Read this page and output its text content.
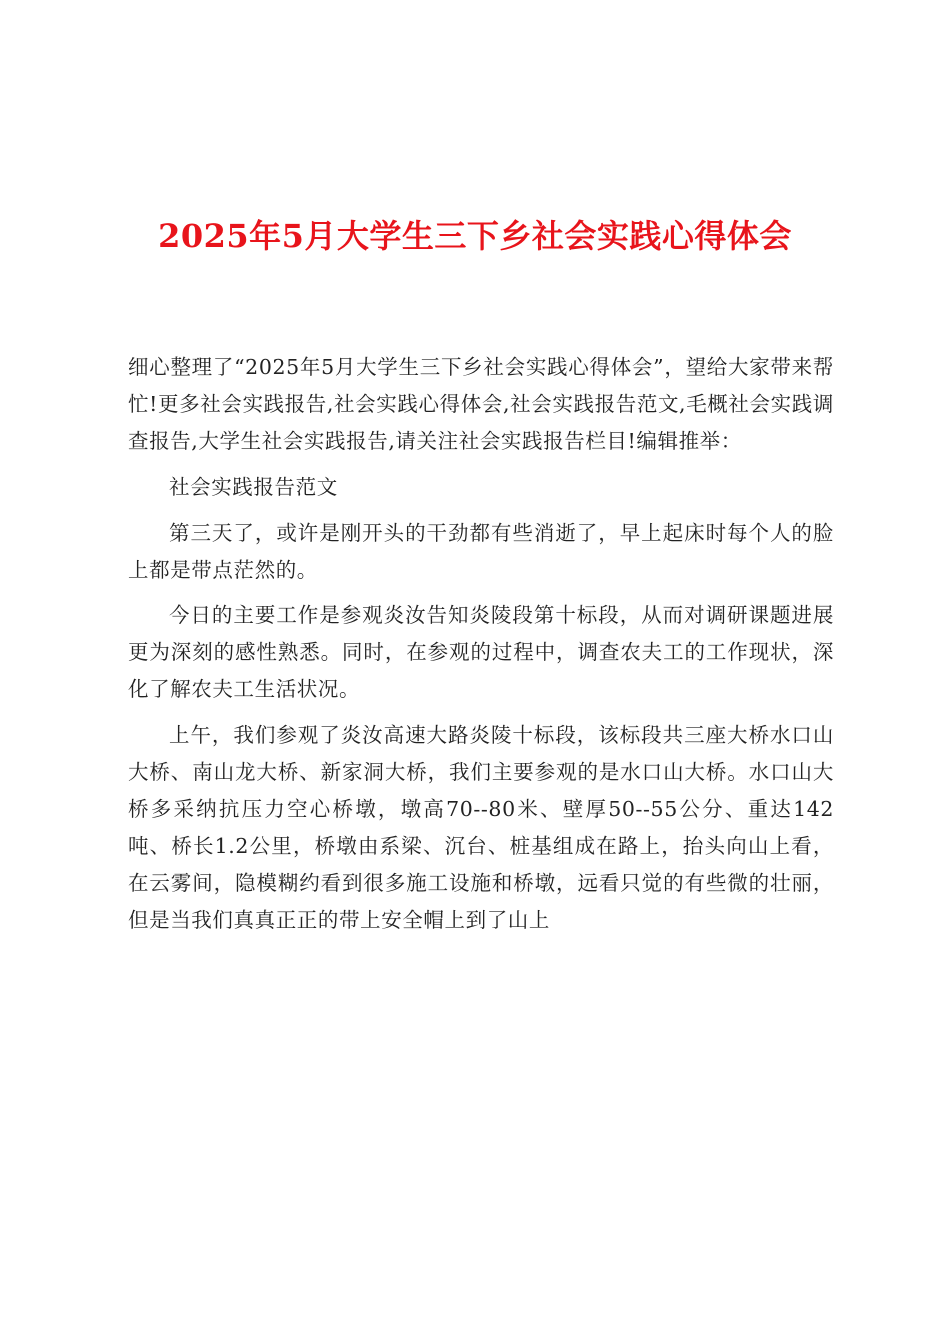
2025年5月大学生三下乡社会实践心得体会

细心整理了“2025年5月大学生三下乡社会实践心得体会”，望给大家带来帮忙!更多社会实践报告,社会实践心得体会,社会实践报告范文,毛概社会实践调查报告,大学生社会实践报告,请关注社会实践报告栏目!编辑推举：

社会实践报告范文

第三天了，或许是刚开头的干劲都有些消逝了，早上起床时每个人的脸上都是带点茫然的。

今日的主要工作是参观炎汝告知炎陵段第十标段，从而对调研课题进展更为深刻的感性熟悉。同时，在参观的过程中，调查农夫工的工作现状，深化了解农夫工生活状况。

上午，我们参观了炎汝高速大路炎陵十标段，该标段共三座大桥水口山大桥、南山龙大桥、新家洞大桥，我们主要参观的是水口山大桥。水口山大桥多采纳抗压力空心桥墩，墩高70--80米、壁厚50--55公分、重达142吨、桥长1.2公里，桥墩由系梁、沉台、桩基组成在路上，抬头向山上看，在云雾间，隐模糊约看到很多施工设施和桥墩，远看只觉的有些微的壮丽，但是当我们真真正正的带上安全帽上到了山上
